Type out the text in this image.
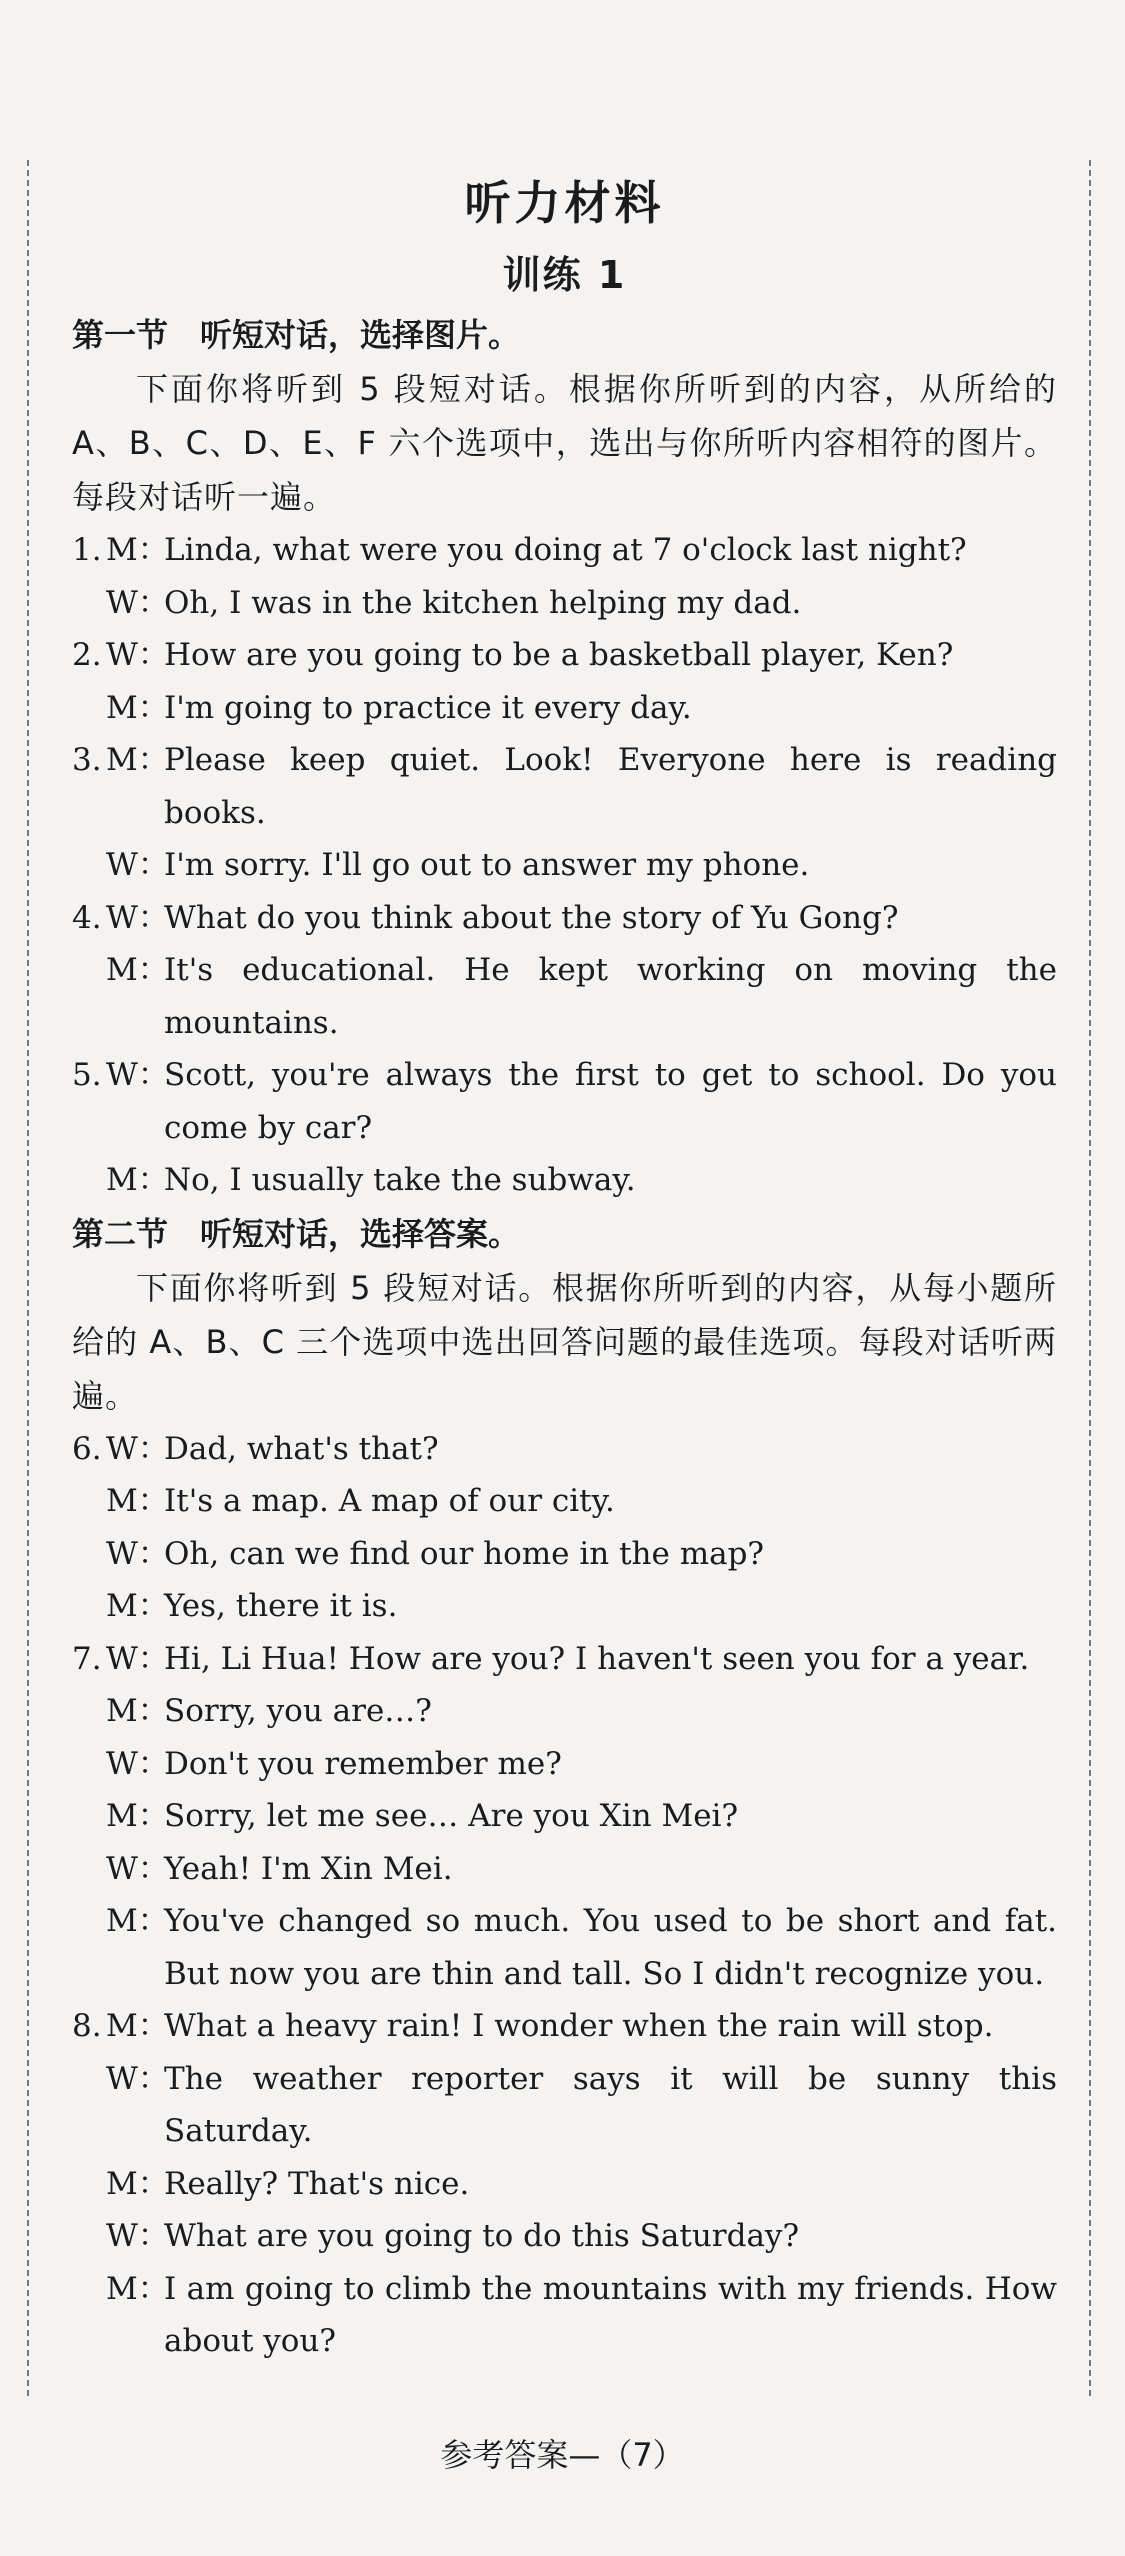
听力材料
训练 1
第一节　听短对话，选择图片。
下面你将听到 5 段短对话。根据你所听到的内容，从所给的 A、B、C、D、E、F 六个选项中，选出与你所听内容相符的图片。每段对话听一遍。
1. M：
Linda, what were you doing at 7 o'clock last night?
W：
Oh, I was in the kitchen helping my dad.
2. W：
How are you going to be a basketball player, Ken?
M：
I'm going to practice it every day.
3. M：
Please keep quiet. Look! Everyone here is reading books.
W：
I'm sorry. I'll go out to answer my phone.
4. W：
What do you think about the story of Yu Gong?
M：
It's educational. He kept working on moving the mountains.
5. W：
Scott, you're always the first to get to school. Do you come by car?
M：
No, I usually take the subway.
第二节　听短对话，选择答案。
下面你将听到 5 段短对话。根据你所听到的内容，从每小题所给的 A、B、C 三个选项中选出回答问题的最佳选项。每段对话听两遍。
6. W：
Dad, what's that?
M：
It's a map. A map of our city.
W：
Oh, can we find our home in the map?
M：
Yes, there it is.
7. W：
Hi, Li Hua! How are you? I haven't seen you for a year.
M：
Sorry, you are…?
W：
Don't you remember me?
M：
Sorry, let me see… Are you Xin Mei?
W：
Yeah! I'm Xin Mei.
M：
You've changed so much. You used to be short and fat. But now you are thin and tall. So I didn't recognize you.
8. M：
What a heavy rain! I wonder when the rain will stop.
W：
The weather reporter says it will be sunny this Saturday.
M：
Really? That's nice.
W：
What are you going to do this Saturday?
M：
I am going to climb the mountains with my friends. How about you?
参考答案—（7）
